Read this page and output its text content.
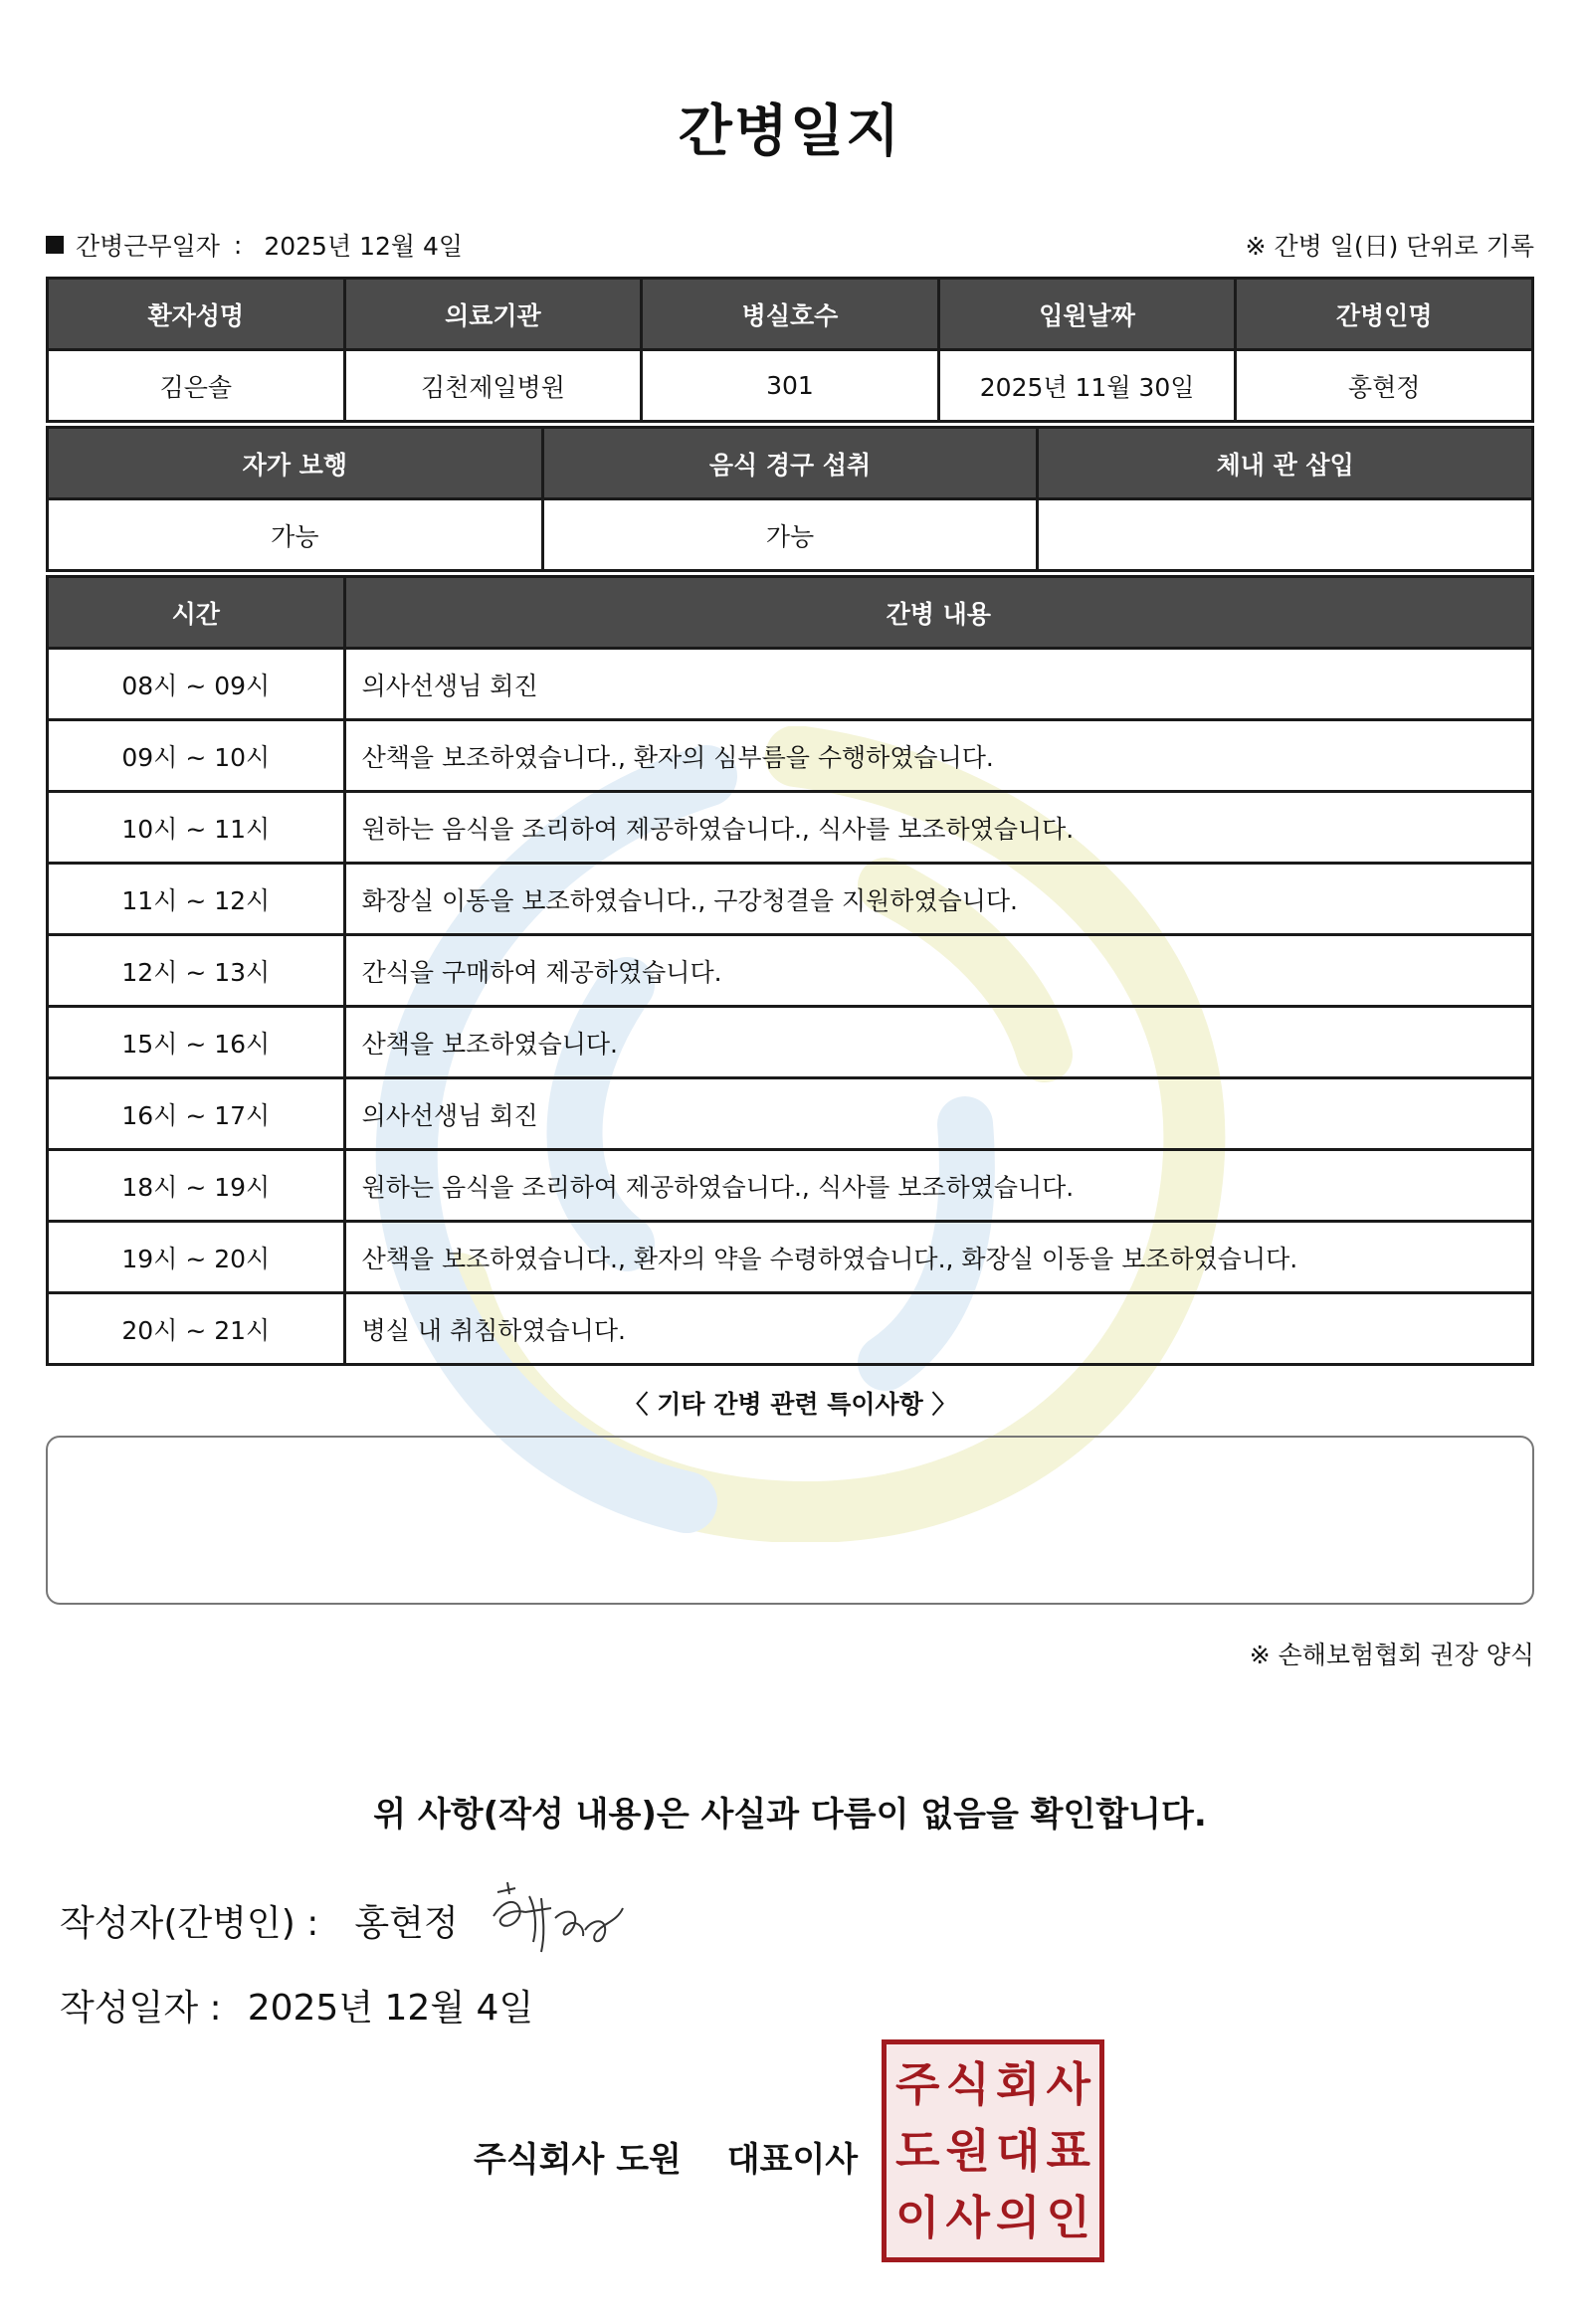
간병일지
간병근무일자 : 2025년 12월 4일	※ 간병 일(日) 단위로 기록
환자성명	의료기관	병실호수	입원날짜	간병인명
김은솔	김천제일병원	301	2025년 11월 30일	홍현정
자가 보행	음식 경구 섭취	체내 관 삽입
가능	가능	
시간	간병 내용
08시 ~ 09시	의사선생님 회진
09시 ~ 10시	산책을 보조하였습니다., 환자의 심부름을 수행하였습니다.
10시 ~ 11시	원하는 음식을 조리하여 제공하였습니다., 식사를 보조하였습니다.
11시 ~ 12시	화장실 이동을 보조하였습니다., 구강청결을 지원하였습니다.
12시 ~ 13시	간식을 구매하여 제공하였습니다.
15시 ~ 16시	산책을 보조하였습니다.
16시 ~ 17시	의사선생님 회진
18시 ~ 19시	원하는 음식을 조리하여 제공하였습니다., 식사를 보조하였습니다.
19시 ~ 20시	산책을 보조하였습니다., 환자의 약을 수령하였습니다., 화장실 이동을 보조하였습니다.
20시 ~ 21시	병실 내 취침하였습니다.
〈 기타 간병 관련 특이사항 〉
※ 손해보험협회 권장 양식
위 사항(작성 내용)은 사실과 다름이 없음을 확인합니다.
작성자(간병인) : 홍현정
작성일자 : 2025년 12월 4일
주식회사 도원 대표이사
주 식 회 사
도 원 대 표
이 사 의 인
